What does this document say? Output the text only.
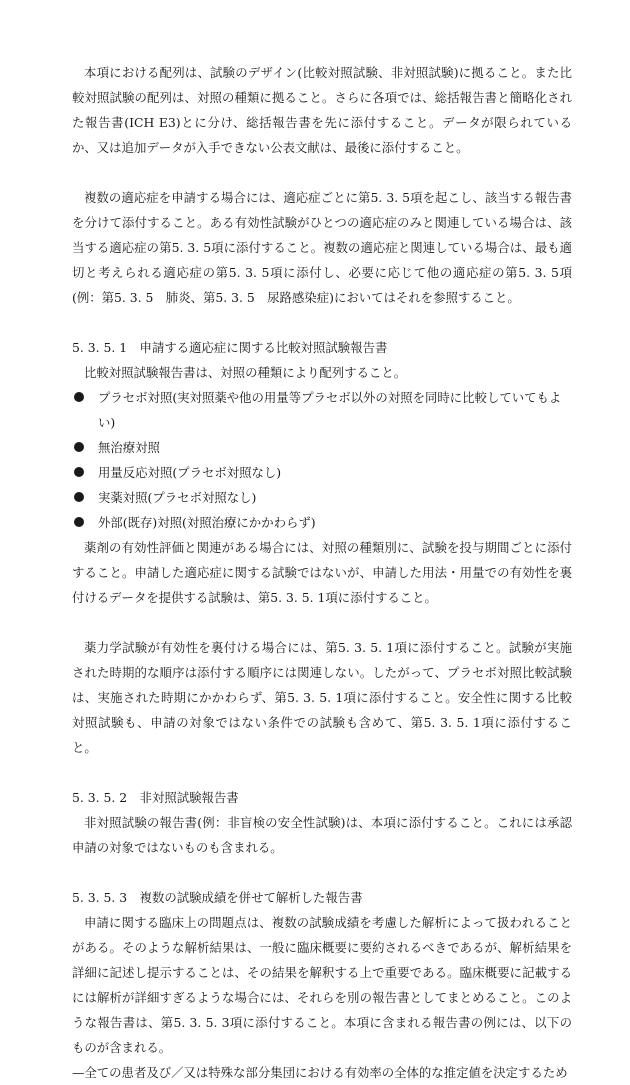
本項における配列は、試験のデザイン(比較対照試験、非対照試験)に拠ること。また比較対照試験の配列は、対照の種類に拠ること。さらに各項では、総括報告書と簡略化された報告書(ICH E3)とに分け、総括報告書を先に添付すること。データが限られているか、又は追加データが入手できない公表文献は、最後に添付すること。

複数の適応症を申請する場合には、適応症ごとに第5. 3. 5項を起こし、該当する報告書を分けて添付すること。ある有効性試験がひとつの適応症のみと関連している場合は、該当する適応症の第5. 3. 5項に添付すること。複数の適応症と関連している場合は、最も適切と考えられる適応症の第5. 3. 5項に添付し、必要に応じて他の適応症の第5. 3. 5項(例：第5. 3. 5　肺炎、第5. 3. 5　尿路感染症)においてはそれを参照すること。

5. 3. 5. 1　申請する適応症に関する比較対照試験報告書

比較対照試験報告書は、対照の種類により配列すること。

プラセボ対照(実対照薬や他の用量等プラセボ以外の対照を同時に比較していてもよい)
無治療対照
用量反応対照(プラセボ対照なし)
実薬対照(プラセボ対照なし)
外部(既存)対照(対照治療にかかわらず)

薬剤の有効性評価と関連がある場合には、対照の種類別に、試験を投与期間ごとに添付すること。申請した適応症に関する試験ではないが、申請した用法・用量での有効性を裏付けるデータを提供する試験は、第5. 3. 5. 1項に添付すること。

薬力学試験が有効性を裏付ける場合には、第5. 3. 5. 1項に添付すること。試験が実施された時期的な順序は添付する順序には関連しない。したがって、プラセボ対照比較試験は、実施された時期にかかわらず、第5. 3. 5. 1項に添付すること。安全性に関する比較対照試験も、申請の対象ではない条件での試験も含めて、第5. 3. 5. 1項に添付すること。

5. 3. 5. 2　非対照試験報告書

非対照試験の報告書(例：非盲検の安全性試験)は、本項に添付すること。これには承認申請の対象ではないものも含まれる。

5. 3. 5. 3　複数の試験成績を併せて解析した報告書

申請に関する臨床上の問題点は、複数の試験成績を考慮した解析によって扱われることがある。そのような解析結果は、一般に臨床概要に要約されるべきであるが、解析結果を詳細に記述し提示することは、その結果を解釈する上で重要である。臨床概要に記載するには解析が詳細すぎるような場合には、それらを別の報告書としてまとめること。このような報告書は、第5. 3. 5. 3項に添付すること。本項に含まれる報告書の例には、以下のものが含まれる。

—全ての患者及び／又は特殊な部分集団における有効率の全体的な推定値を決定するため
